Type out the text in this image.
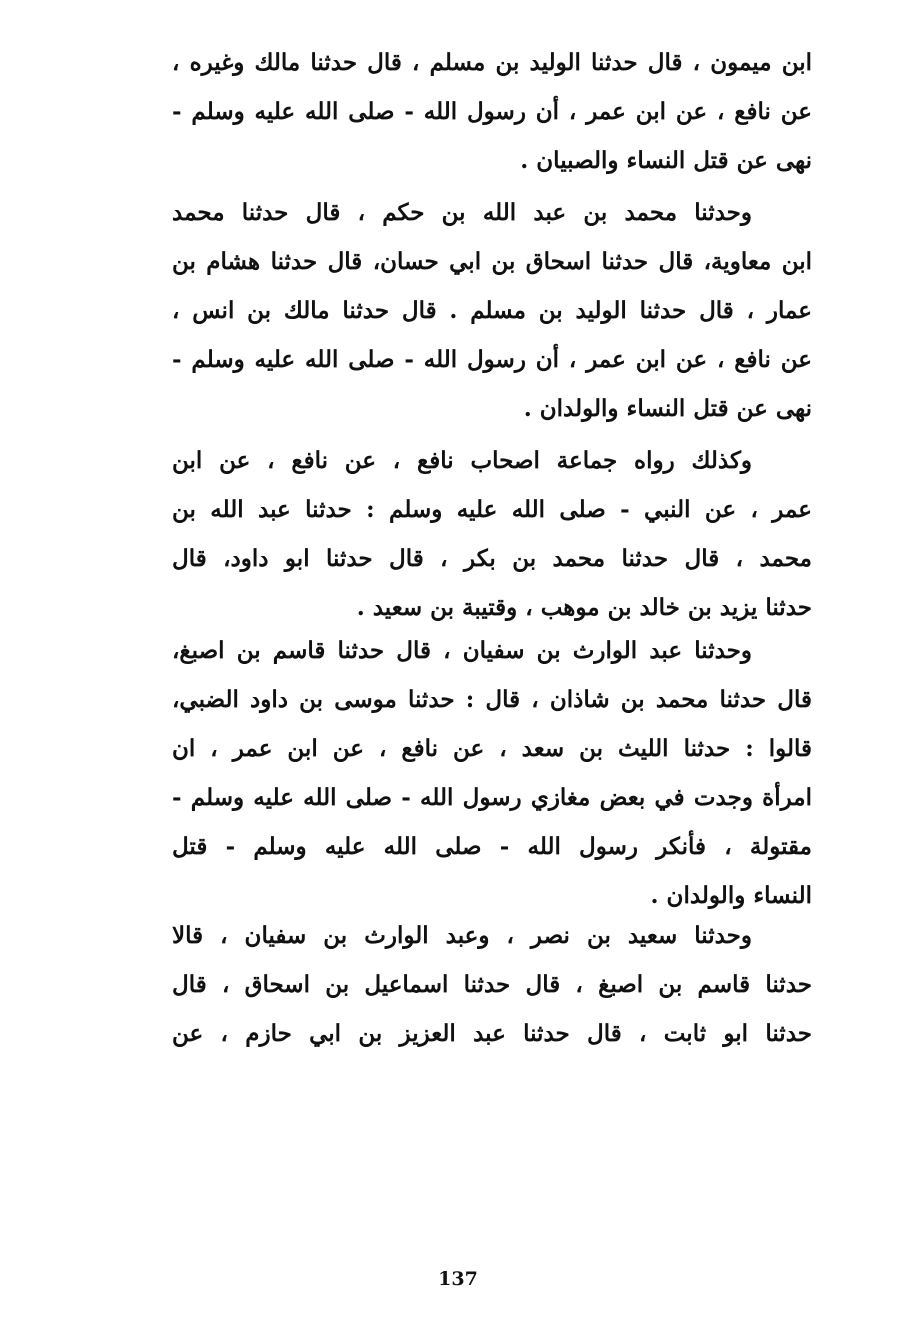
ابن ميمون ، قال حدثنا الوليد بن مسلم ، قال حدثنا مالك وغيره ،
عن نافع ، عن ابن عمر ، أن رسول الله - صلى الله عليه وسلم -
نهى عن قتل النساء والصبيان .
وحدثنا محمد بن عبد الله بن حكم ، قال حدثنا محمد
ابن معاوية، قال حدثنا اسحاق بن ابي حسان، قال حدثنا هشام بن
عمار ، قال حدثنا الوليد بن مسلم . قال حدثنا مالك بن انس ،
عن نافع ، عن ابن عمر ، أن رسول الله - صلى الله عليه وسلم -
نهى عن قتل النساء والولدان .
وكذلك رواه جماعة اصحاب نافع ، عن نافع ، عن ابن
عمر ، عن النبي - صلى الله عليه وسلم : حدثنا عبد الله بن
محمد ، قال حدثنا محمد بن بكر ، قال حدثنا ابو داود، قال
حدثنا يزيد بن خالد بن موهب ، وقتيبة بن سعيد .
وحدثنا عبد الوارث بن سفيان ، قال حدثنا قاسم بن اصبغ،
قال حدثنا محمد بن شاذان ، قال : حدثنا موسى بن داود الضبي،
قالوا : حدثنا الليث بن سعد ، عن نافع ، عن ابن عمر ، ان
امرأة وجدت في بعض مغازي رسول الله - صلى الله عليه وسلم -
مقتولة ، فأنكر رسول الله - صلى الله عليه وسلم - قتل
النساء والولدان .
وحدثنا سعيد بن نصر ، وعبد الوارث بن سفيان ، قالا
حدثنا قاسم بن اصبغ ، قال حدثنا اسماعيل بن اسحاق ، قال
حدثنا ابو ثابت ، قال حدثنا عبد العزيز بن ابي حازم ، عن
137
